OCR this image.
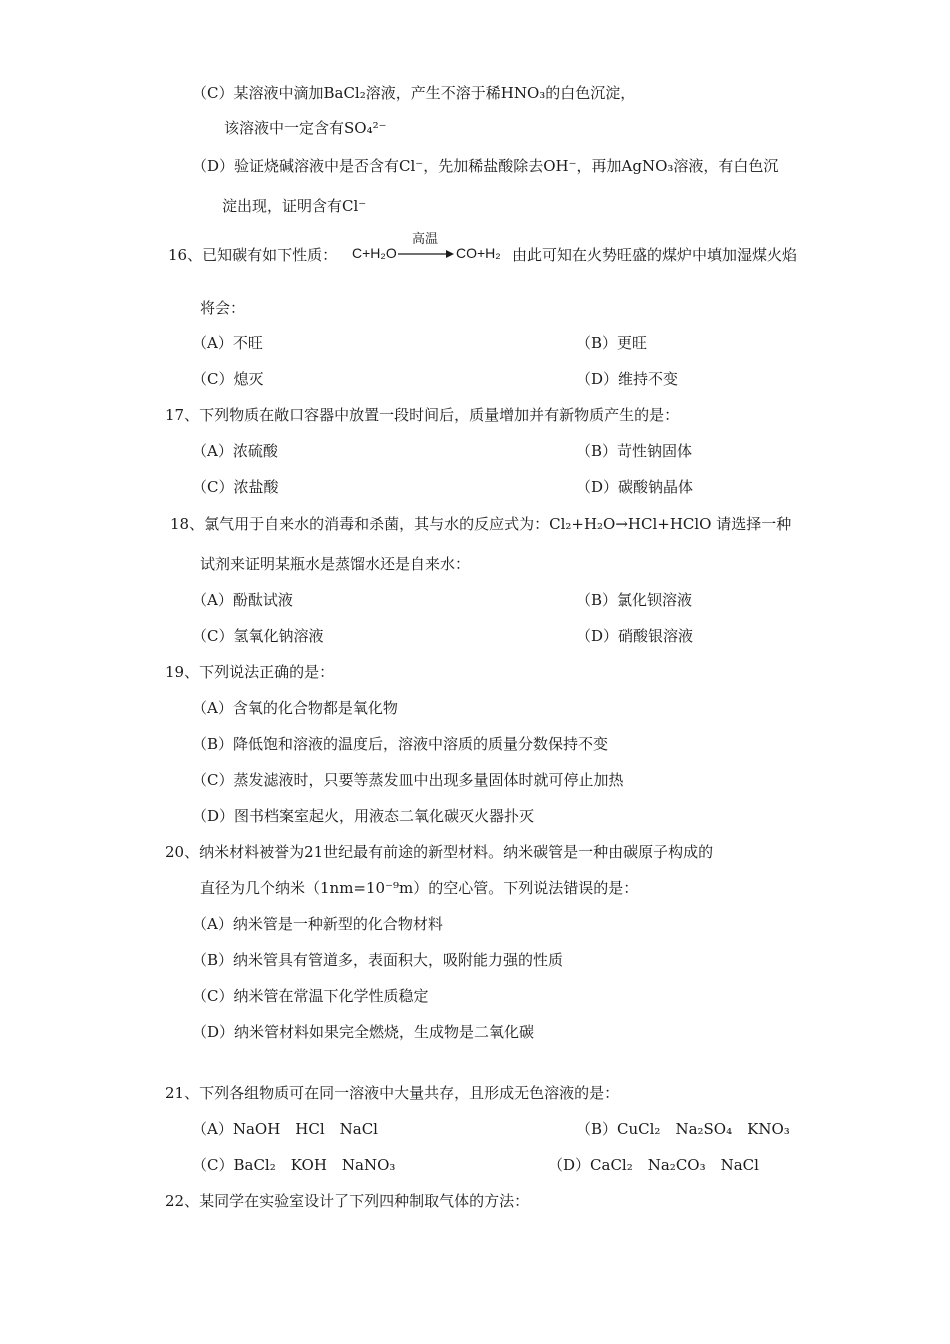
（C）某溶液中滴加BaCl₂溶液，产生不溶于稀HNO₃的白色沉淀，
该溶液中一定含有SO₄²⁻
（D）验证烧碱溶液中是否含有Cl⁻，先加稀盐酸除去OH⁻，再加AgNO₃溶液，有白色沉
淀出现，证明含有Cl⁻
16、已知碳有如下性质： C+H₂O
高温
→ CO+H₂ 由此可知在火势旺盛的煤炉中填加湿煤火焰
将会：
（A）不旺	（B）更旺
（C）熄灭	（D）维持不变
17、下列物质在敞口容器中放置一段时间后，质量增加并有新物质产生的是：
（A）浓硫酸	（B）苛性钠固体
（C）浓盐酸	（D）碳酸钠晶体
18、氯气用于自来水的消毒和杀菌，其与水的反应式为：Cl₂+H₂O→HCl+HClO 请选择一种
试剂来证明某瓶水是蒸馏水还是自来水：
（A）酚酞试液	（B）氯化钡溶液
（C）氢氧化钠溶液	（D）硝酸银溶液
19、下列说法正确的是：
（A）含氧的化合物都是氧化物
（B）降低饱和溶液的温度后，溶液中溶质的质量分数保持不变
（C）蒸发滤液时，只要等蒸发皿中出现多量固体时就可停止加热
（D）图书档案室起火，用液态二氧化碳灭火器扑灭
20、纳米材料被誉为21世纪最有前途的新型材料。纳米碳管是一种由碳原子构成的
直径为几个纳米（1nm=10⁻⁹m）的空心管。下列说法错误的是：
（A）纳米管是一种新型的化合物材料
（B）纳米管具有管道多，表面积大，吸附能力强的性质
（C）纳米管在常温下化学性质稳定
（D）纳米管材料如果完全燃烧，生成物是二氧化碳
21、下列各组物质可在同一溶液中大量共存，且形成无色溶液的是：
（A）NaOH　HCl　NaCl	（B）CuCl₂　Na₂SO₄　KNO₃
（C）BaCl₂　KOH　NaNO₃	（D）CaCl₂　Na₂CO₃　NaCl
22、某同学在实验室设计了下列四种制取气体的方法：
